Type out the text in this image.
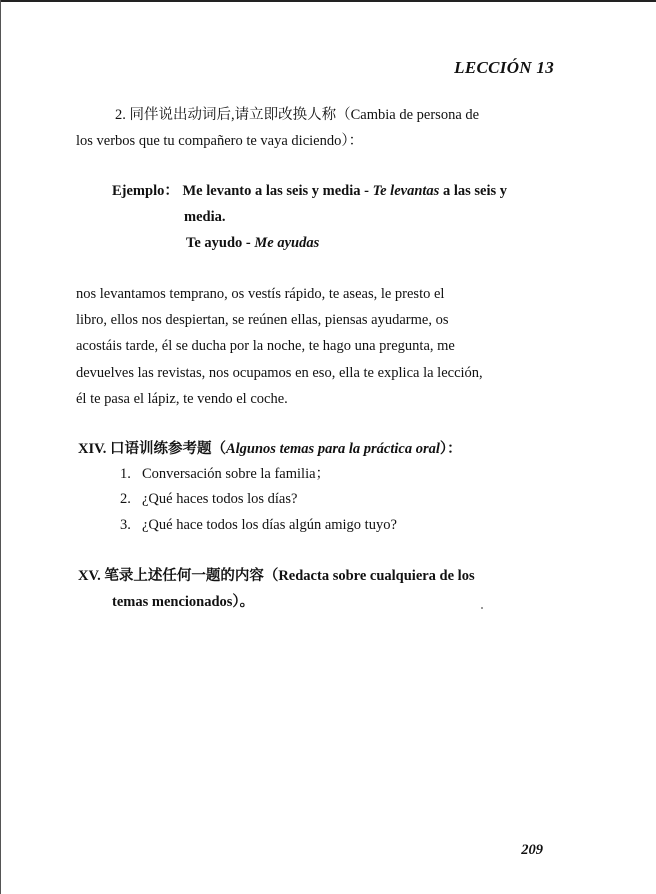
LECCIÓN 13
2. 同伴说出动词后,请立即改换人称（Cambia de persona de
los verbos que tu compañero te vaya diciendo）：
Ejemplo： Me levanto a las seis y media - Te levantas a las seis y
media.
Te ayudo - Me ayudas
nos levantamos temprano, os vestís rápido, te aseas, le presto el
libro, ellos nos despiertan, se reúnen ellas, piensas ayudarme, os
acostáis tarde, él se ducha por la noche, te hago una pregunta, me
devuelves las revistas, nos ocupamos en eso, ella te explica la lección,
él te pasa el lápiz, te vendo el coche.
XIV. 口语训练参考题（Algunos temas para la práctica oral）：
1. Conversación sobre la familia；
2. ¿Qué haces todos los días?
3. ¿Qué hace todos los días algún amigo tuyo?
XV. 笔录上述任何一题的内容（Redacta sobre cualquiera de los
temas mencionados）。
209
